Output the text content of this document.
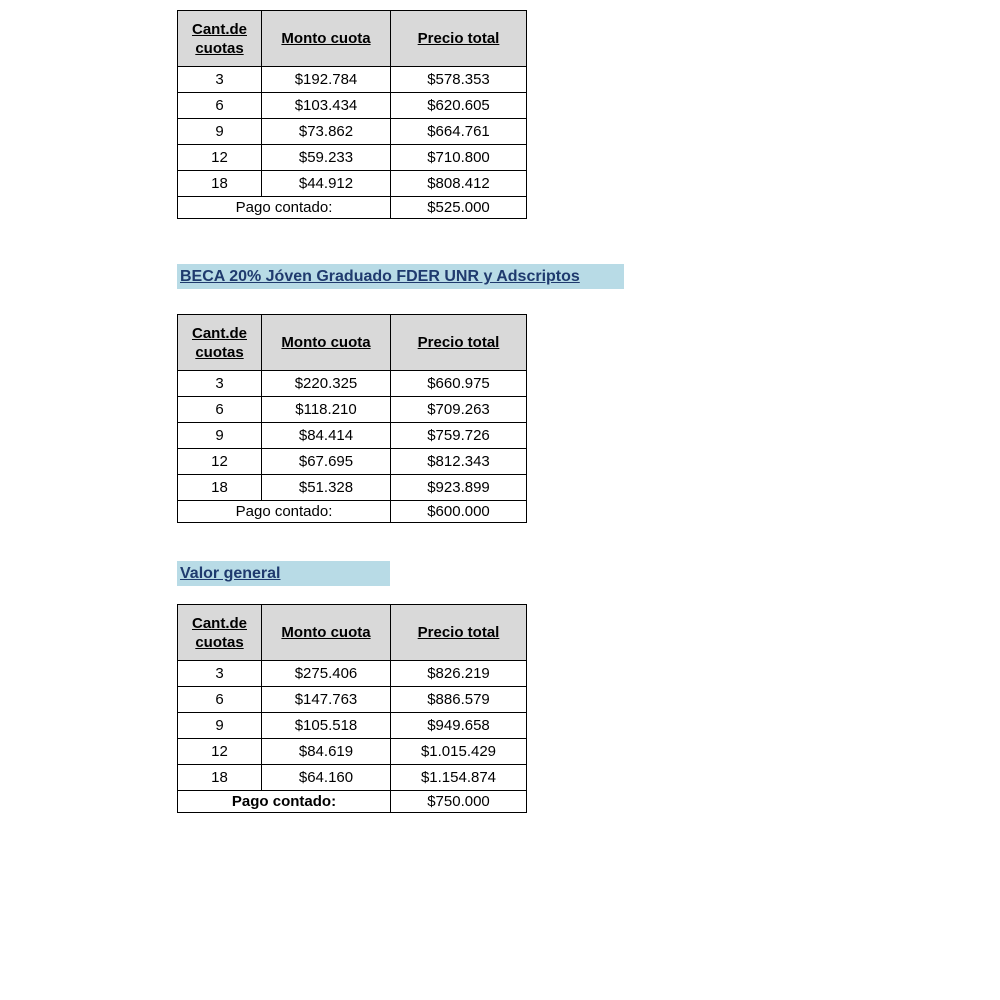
Cant.de
cuotas	Monto cuota	Precio total
3	$192.784	$578.353
6	$103.434	$620.605
9	$73.862	$664.761
12	$59.233	$710.800
18	$44.912	$808.412
Pago contado:		$525.000
BECA 20% Jóven Graduado FDER UNR y Adscriptos
Cant.de
cuotas	Monto cuota	Precio total
3	$220.325	$660.975
6	$118.210	$709.263
9	$84.414	$759.726
12	$67.695	$812.343
18	$51.328	$923.899
Pago contado:		$600.000
Valor general
Cant.de
cuotas	Monto cuota	Precio total
3	$275.406	$826.219
6	$147.763	$886.579
9	$105.518	$949.658
12	$84.619	$1.015.429
18	$64.160	$1.154.874
Pago contado:		$750.000
